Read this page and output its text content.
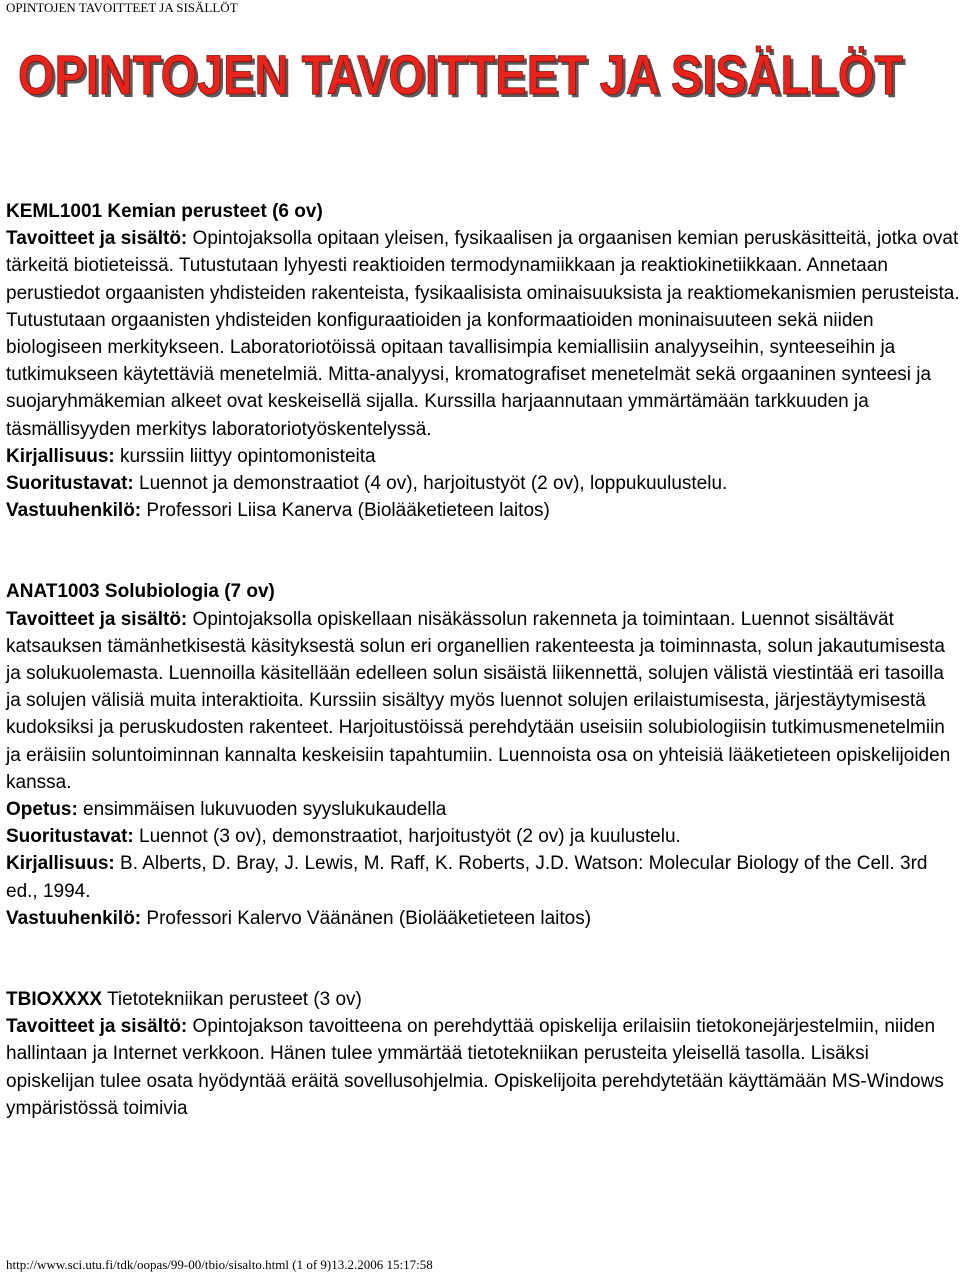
OPINTOJEN TAVOITTEET JA SISÄLLÖT
OPINTOJEN TAVOITTEET JA SISÄLLÖT
OPINTOJEN TAVOITTEET JA SISÄLLÖT

KEML1001 Kemian perusteet (6 ov)

Tavoitteet ja sisältö: Opintojaksolla opitaan yleisen, fysikaalisen ja orgaanisen kemian peruskäsitteitä, jotka ovat tärkeitä biotieteissä. Tutustutaan lyhyesti reaktioiden termodynamiikkaan ja reaktiokinetiikkaan. Annetaan perustiedot orgaanisten yhdisteiden rakenteista, fysikaalisista ominaisuuksista ja reaktiomekanismien perusteista. Tutustutaan orgaanisten yhdisteiden konfiguraatioiden ja konformaatioiden moninaisuuteen sekä niiden biologiseen merkitykseen. Laboratoriotöissä opitaan tavallisimpia kemiallisiin analyyseihin, synteeseihin ja tutkimukseen käytettäviä menetelmiä. Mitta-analyysi, kromatografiset menetelmät sekä orgaaninen synteesi ja suojaryhmäkemian alkeet ovat keskeisellä sijalla. Kurssilla harjaannutaan ymmärtämään tarkkuuden ja täsmällisyyden merkitys laboratoriotyöskentelyssä.

Kirjallisuus: kurssiin liittyy opintomonisteita

Suoritustavat: Luennot ja demonstraatiot (4 ov), harjoitustyöt (2 ov), loppukuulustelu.

Vastuuhenkilö: Professori Liisa Kanerva (Biolääketieteen laitos)

ANAT1003 Solubiologia (7 ov)

Tavoitteet ja sisältö: Opintojaksolla opiskellaan nisäkässolun rakenneta ja toimintaan. Luennot sisältävät katsauksen tämänhetkisestä käsityksestä solun eri organellien rakenteesta ja toiminnasta, solun jakautumisesta ja solukuolemasta. Luennoilla käsitellään edelleen solun sisäistä liikennettä, solujen välistä viestintää eri tasoilla ja solujen välisiä muita interaktioita. Kurssiin sisältyy myös luennot solujen erilaistumisesta, järjestäytymisestä kudoksiksi ja peruskudosten rakenteet. Harjoitustöissä perehdytään useisiin solubiologiisin tutkimusmenetelmiin ja eräisiin soluntoiminnan kannalta keskeisiin tapahtumiin. Luennoista osa on yhteisiä lääketieteen opiskelijoiden kanssa.

Opetus: ensimmäisen lukuvuoden syyslukukaudella

Suoritustavat: Luennot (3 ov), demonstraatiot, harjoitustyöt (2 ov) ja kuulustelu.

Kirjallisuus: B. Alberts, D. Bray, J. Lewis, M. Raff, K. Roberts, J.D. Watson: Molecular Biology of the Cell. 3rd ed., 1994.

Vastuuhenkilö: Professori Kalervo Väänänen (Biolääketieteen laitos)

TBIOXXXX Tietotekniikan perusteet (3 ov)

Tavoitteet ja sisältö: Opintojakson tavoitteena on perehdyttää opiskelija erilaisiin tietokonejärjestelmiin, niiden hallintaan ja Internet verkkoon. Hänen tulee ymmärtää tietotekniikan perusteita yleisellä tasolla. Lisäksi opiskelijan tulee osata hyödyntää eräitä sovellusohjelmia. Opiskelijoita perehdytetään käyttämään MS-Windows ympäristössä toimivia

http://www.sci.utu.fi/tdk/oopas/99-00/tbio/sisalto.html (1 of 9)13.2.2006 15:17:58
